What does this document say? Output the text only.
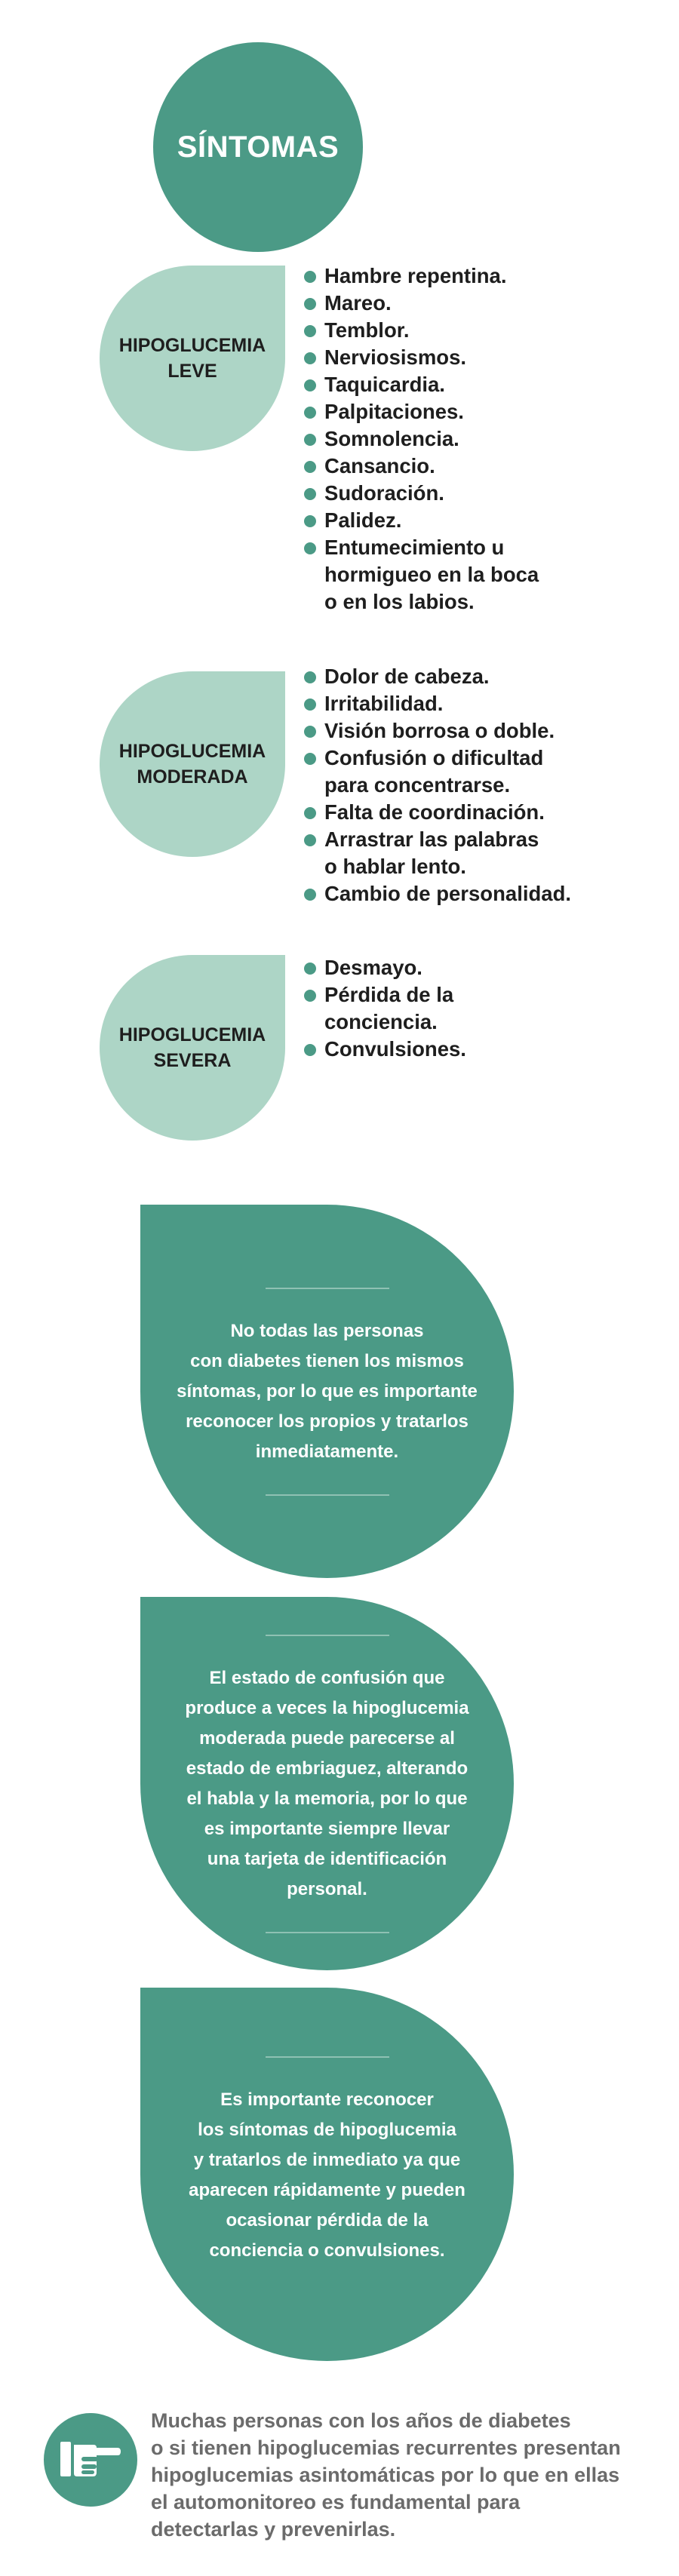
SÍNTOMAS
HIPOGLUCEMIA
LEVE
Hambre repentina.
Mareo.
Temblor.
Nerviosismos.
Taquicardia.
Palpitaciones.
Somnolencia.
Cansancio.
Sudoración.
Palidez.
Entumecimiento u
hormigueo en la boca
o en los labios.
HIPOGLUCEMIA
MODERADA
Dolor de cabeza.
Irritabilidad.
Visión borrosa o doble.
Confusión o dificultad
para concentrarse.
Falta de coordinación.
Arrastrar las palabras
o hablar lento.
Cambio de personalidad.
HIPOGLUCEMIA
SEVERA
Desmayo.
Pérdida de la
conciencia.
Convulsiones.

No todas las personas
con diabetes tienen los mismos
síntomas, por lo que es importante
reconocer los propios y tratarlos
inmediatamente.

El estado de confusión que
produce a veces la hipoglucemia
moderada puede parecerse al
estado de embriaguez, alterando
el habla y la memoria, por lo que
es importante siempre llevar
una tarjeta de identificación
personal.

Es importante reconocer
los síntomas de hipoglucemia
y tratarlos de inmediato ya que
aparecen rápidamente y pueden
ocasionar pérdida de la
conciencia o convulsiones.

Muchas personas con los años de diabetes
o si tienen hipoglucemias recurrentes presentan
hipoglucemias asintomáticas por lo que en ellas
el automonitoreo es fundamental para
detectarlas y prevenirlas.
